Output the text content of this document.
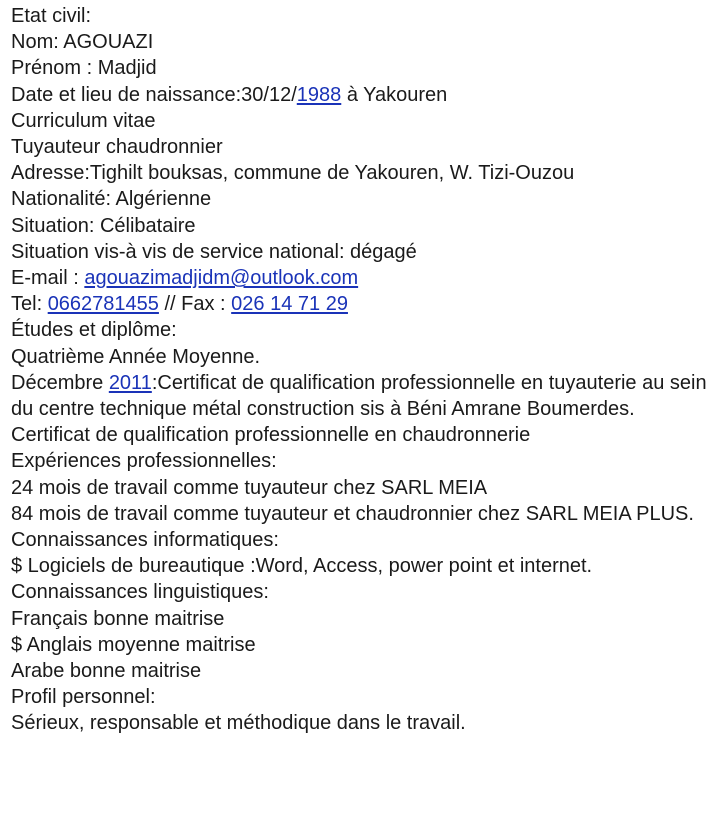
Etat civil:
Nom: AGOUAZI
Prénom : Madjid
Date et lieu de naissance:30/12/1988 à Yakouren
Curriculum vitae
Tuyauteur chaudronnier
Adresse:Tighilt bouksas, commune de Yakouren, W. Tizi-Ouzou
Nationalité: Algérienne
Situation: Célibataire
Situation vis-à vis de service national: dégagé
E-mail : agouazimadjidm@outlook.com
Tel: 0662781455 // Fax : 026 14 71 29
Études et diplôme:
Quatrième Année Moyenne.
Décembre 2011:Certificat de qualification professionnelle en tuyauterie au sein du centre technique métal construction sis à Béni Amrane Boumerdes.
Certificat de qualification professionnelle en chaudronnerie
Expériences professionnelles:
24 mois de travail comme tuyauteur chez SARL MEIA
84 mois de travail comme tuyauteur et chaudronnier chez SARL MEIA PLUS.
Connaissances informatiques:
$ Logiciels de bureautique :Word, Access, power point et internet.
Connaissances linguistiques:
Français bonne maitrise
$ Anglais moyenne maitrise
Arabe bonne maitrise
Profil personnel:
Sérieux, responsable et méthodique dans le travail.
